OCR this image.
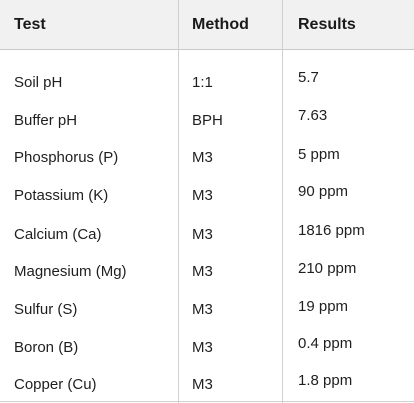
Test	Method	Results
Soil pH	1:1	5.7
Buffer pH	BPH	7.63
Phosphorus (P)	M3	5 ppm
Potassium (K)	M3	90 ppm
Calcium (Ca)	M3	1816 ppm
Magnesium (Mg)	M3	210 ppm
Sulfur (S)	M3	19 ppm
Boron (B)	M3	0.4 ppm
Copper (Cu)	M3	1.8 ppm
